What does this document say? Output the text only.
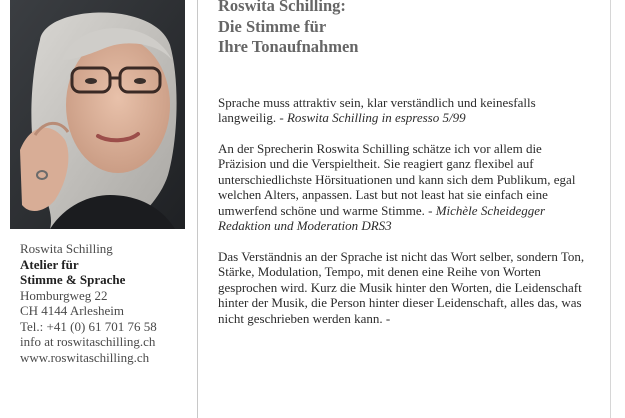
Roswita Schilling
Atelier für
Stimme & Sprache
Homburgweg 22
CH 4144 Arlesheim
Tel.: +41 (0) 61 701 76 58
info at roswitaschilling.ch
www.roswitaschilling.ch
Roswita Schilling:
Die Stimme für
Ihre Tonaufnahmen
Sprache muss attraktiv sein, klar verständlich und keinesfalls langweilig. - Roswita Schilling in espresso 5/99
An der Sprecherin Roswita Schilling schätze ich vor allem die Präzision und die Verspieltheit. Sie reagiert ganz flexibel auf unterschiedlichste Hörsituationen und kann sich dem Publikum, egal welchen Alters, anpassen. Last but not least hat sie einfach eine umwerfend schöne und warme Stimme. - Michèle Scheidegger Redaktion und Moderation DRS3
Das Verständnis an der Sprache ist nicht das Wort selber, sondern Ton, Stärke, Modulation, Tempo, mit denen eine Reihe von Worten gesprochen wird. Kurz die Musik hinter den Worten, die Leidenschaft hinter der Musik, die Person hinter dieser Leidenschaft, alles das, was nicht geschrieben werden kann. -
